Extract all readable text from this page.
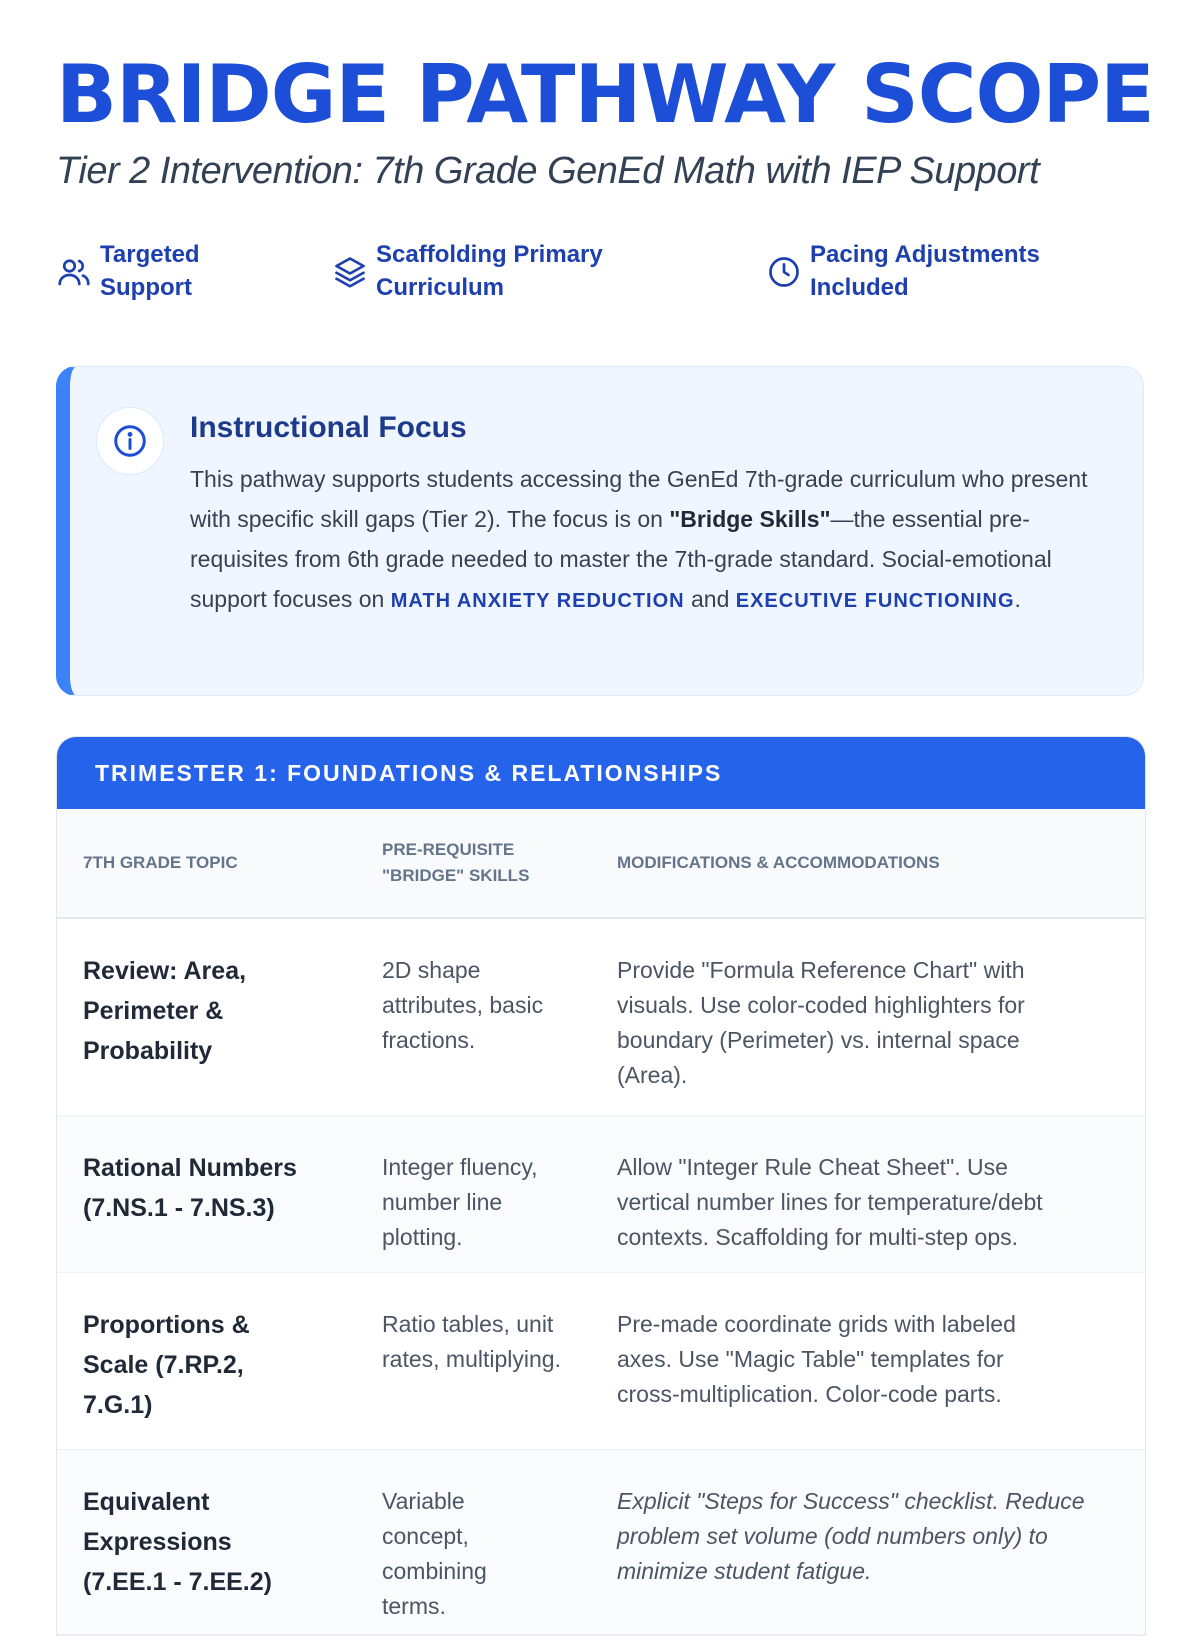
BRIDGE PATHWAY SCOPE
Tier 2 Intervention: 7th Grade GenEd Math with IEP Support
Targeted
Support
Scaffolding Primary
Curriculum
Pacing Adjustments
Included
Instructional Focus

This pathway supports students accessing the GenEd 7th-grade curriculum who present with specific skill gaps (Tier 2). The focus is on "Bridge Skills"—the essential pre-requisites from 6th grade needed to master the 7th-grade standard. Social-emotional support focuses on MATH ANXIETY REDUCTION and EXECUTIVE FUNCTIONING.

TRIMESTER 1: FOUNDATIONS & RELATIONSHIPS
7TH GRADE TOPIC	PRE-REQUISITE "BRIDGE" SKILLS	MODIFICATIONS & ACCOMMODATIONS

Review: Area, Perimeter & Probability	2D shape attributes, basic fractions.	Provide "Formula Reference Chart" with visuals. Use color-coded highlighters for boundary (Perimeter) vs. internal space (Area).

Rational Numbers (7.NS.1 - 7.NS.3)	Integer fluency, number line plotting.	Allow "Integer Rule Cheat Sheet". Use vertical number lines for temperature/debt contexts. Scaffolding for multi-step ops.

Proportions & Scale (7.RP.2, 7.G.1)	Ratio tables, unit rates, multiplying.	Pre-made coordinate grids with labeled axes. Use "Magic Table" templates for cross-multiplication. Color-code parts.

Equivalent Expressions (7.EE.1 - 7.EE.2)	Variable concept, combining terms.	Explicit "Steps for Success" checklist. Reduce problem set volume (odd numbers only) to minimize student fatigue.
